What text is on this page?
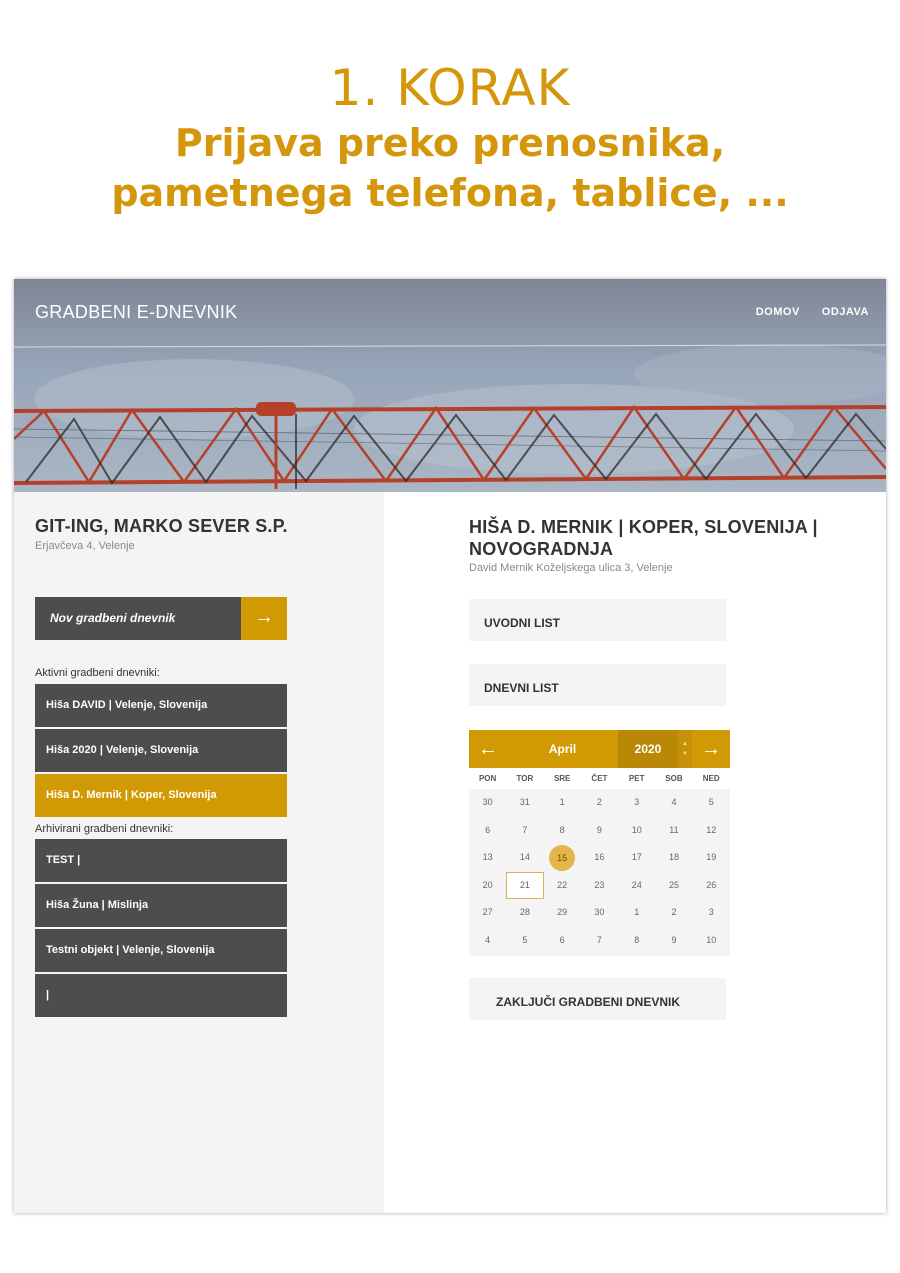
1. KORAK
Prijava preko prenosnika,
pametnega telefona, tablice, ...
GRADBENI E-DNEVNIK	DOMOV ODJAVA
GIT-ING, MARKO SEVER S.P.
Erjavčeva 4, Velenje
Nov gradbeni dnevnik	→
Aktivni gradbeni dnevniki:
Hiša DAVID | Velenje, Slovenija
Hiša 2020 | Velenje, Slovenija
Hiša D. Mernik | Koper, Slovenija
Arhivirani gradbeni dnevniki:
TEST |
Hiša Žuna | Mislinja
Testni objekt | Velenje, Slovenija
|
HIŠA D. MERNIK | KOPER, SLOVENIJA |
NOVOGRADNJA
David Mernik Koželjskega ulica 3, Velenje
UVODNI LIST
DNEVNI LIST
←	April	2020	▲
▼ →
PON	TOR	SRE	ČET	PET	SOB	NED
30	31	1	2	3	4	5
6	7	8	9	10	11	12
13	14	15	16	17	18	19
20	21	22	23	24	25	26
27	28	29	30	1	2	3
4	5	6	7	8	9	10
ZAKLJUČI GRADBENI DNEVNIK
